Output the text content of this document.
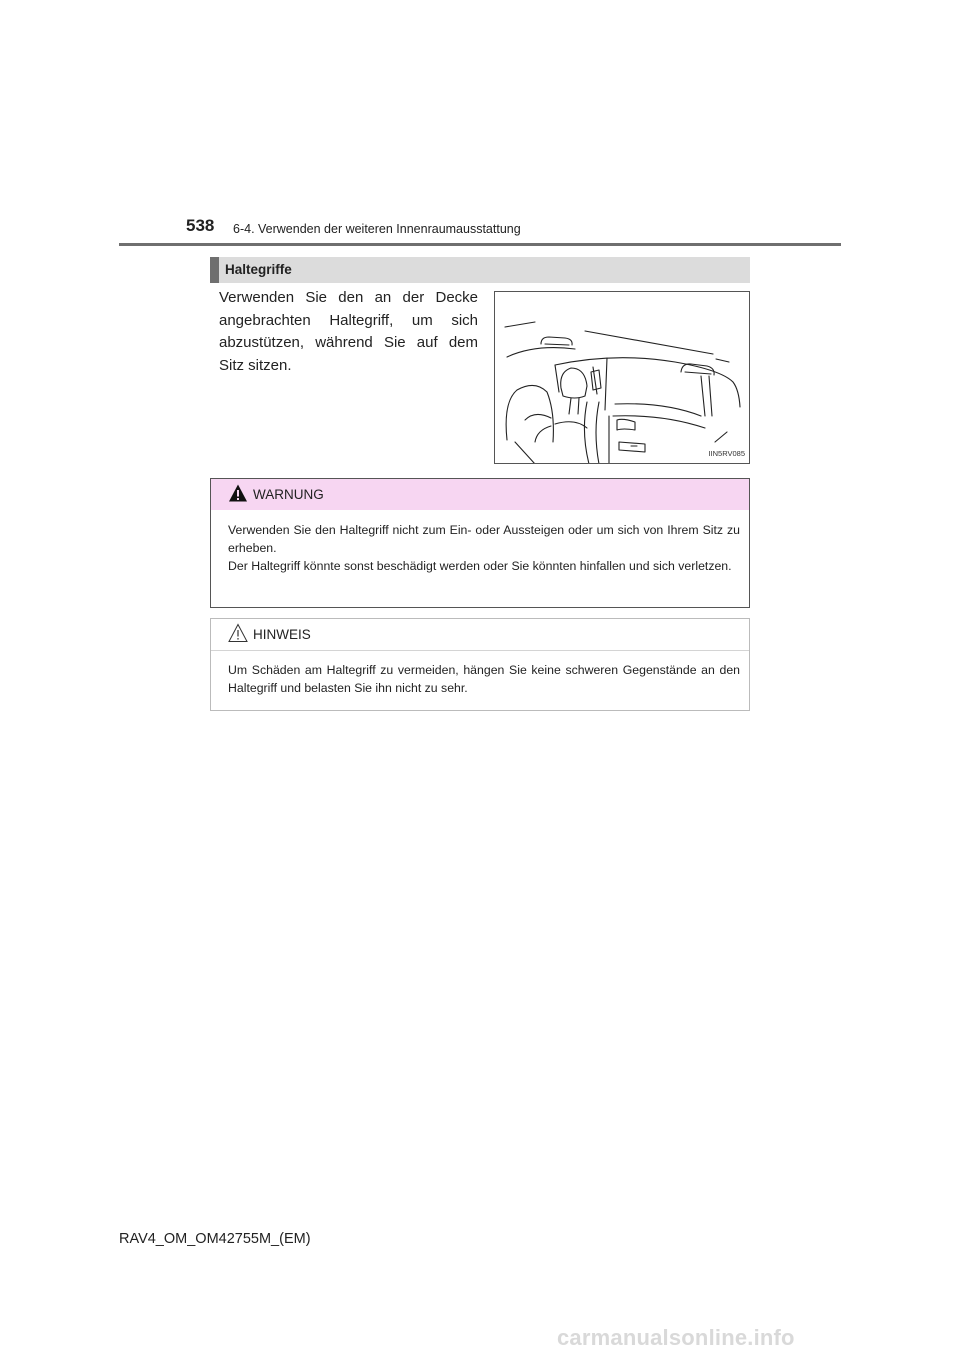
538 6-4. Verwenden der weiteren Innenraumausstattung
Haltegriffe
Verwenden Sie den an der Decke angebrachten Haltegriff, um sich abzustützen, während Sie auf dem Sitz sitzen.
IIN5RV085
WARNUNG

Verwenden Sie den Haltegriff nicht zum Ein- oder Aussteigen oder um sich von Ihrem Sitz zu erheben.

Der Haltegriff könnte sonst beschädigt werden oder Sie könnten hinfallen und sich verletzen.

HINWEIS
Um Schäden am Haltegriff zu vermeiden, hängen Sie keine schweren Gegenstände an den Haltegriff und belasten Sie ihn nicht zu sehr.
RAV4_OM_OM42755M_(EM)
carmanualsonline.info
